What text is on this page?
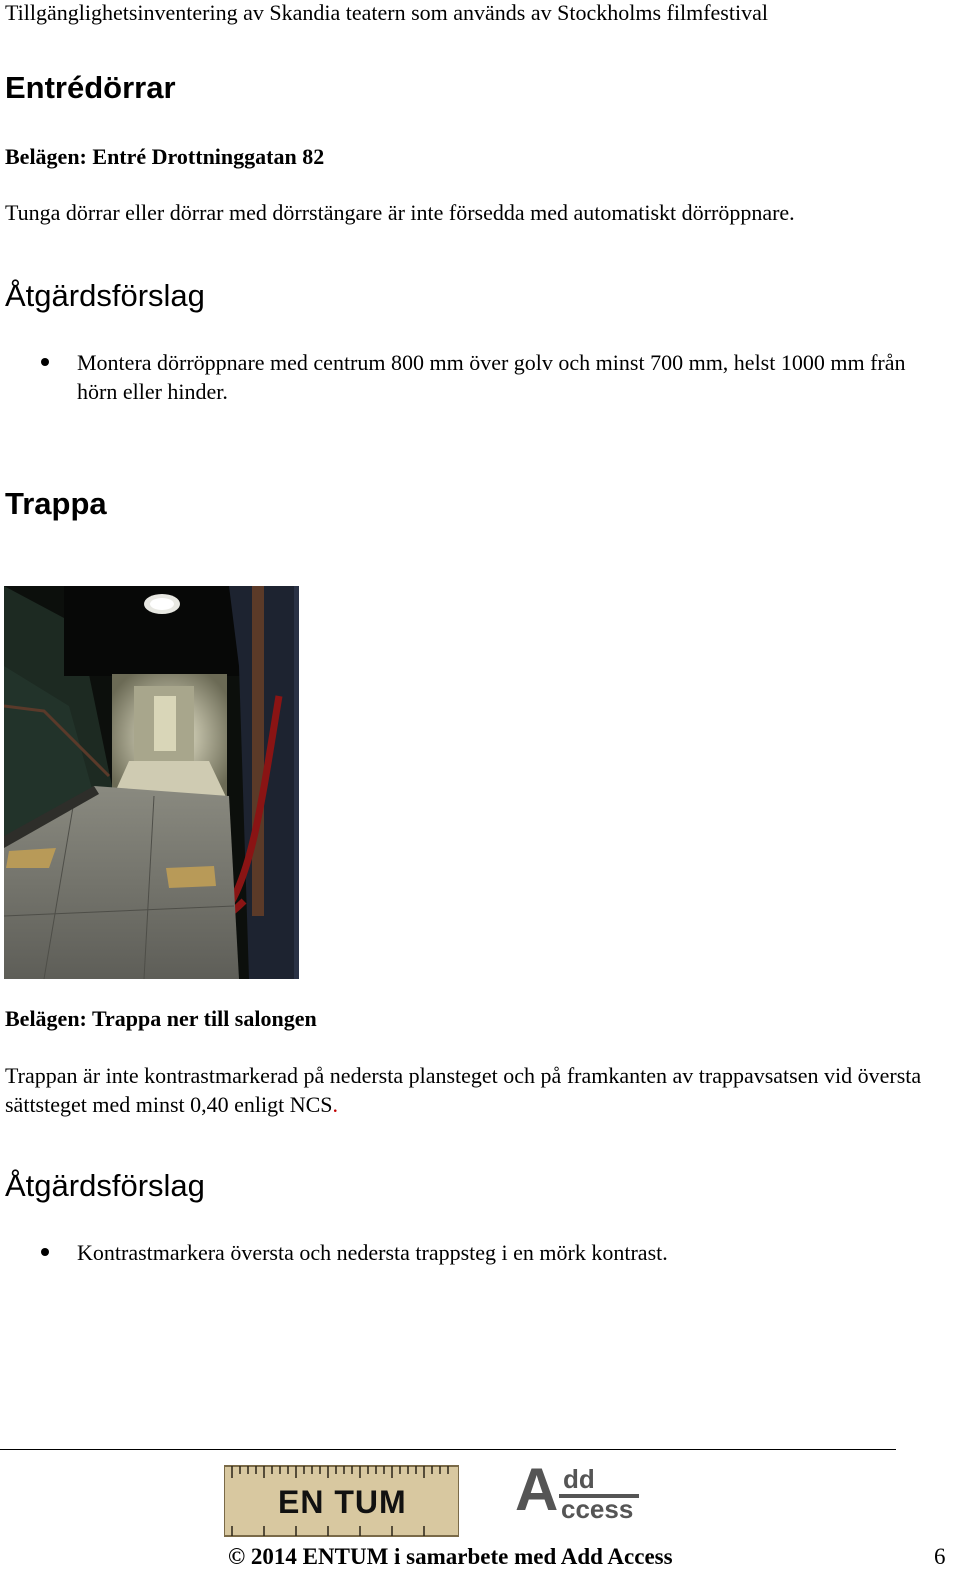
Tillgänglighetsinventering av Skandia teatern som används av Stockholms filmfestival
Entrédörrar
Belägen: Entré Drottninggatan 82
Tunga dörrar eller dörrar med dörrstängare är inte försedda med automatiskt dörröppnare.
Åtgärdsförslag
Montera dörröppnare med centrum 800 mm över golv och minst 700 mm, helst 1000 mm från hörn eller hinder.
Trappa
Belägen: Trappa ner till salongen
Trappan är inte kontrastmarkerad på nedersta plansteget och på framkanten av trappavsatsen vid översta sättsteget med minst 0,40 enligt NCS.
Åtgärdsförslag
Kontrastmarkera översta och nedersta trappsteg i en mörk kontrast.
EN TUM A dd
ccess
© 2014 ENTUM i samarbete med Add Access	6
